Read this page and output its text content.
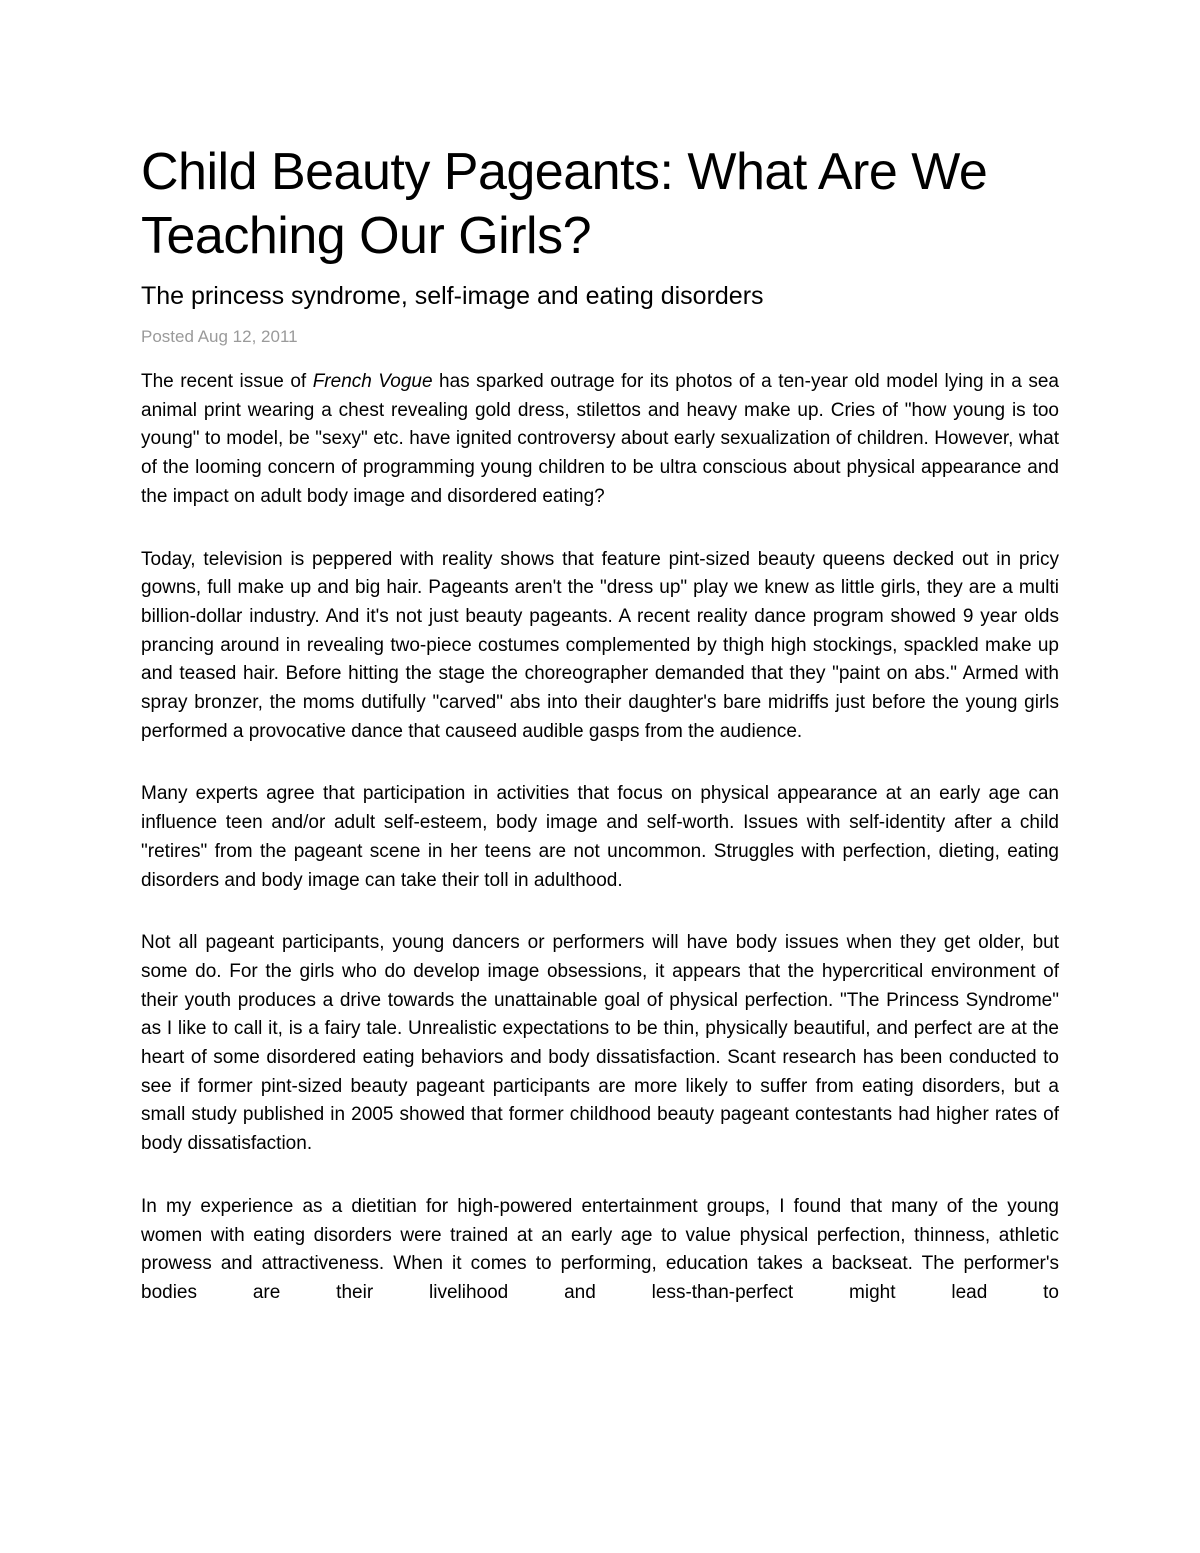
Child Beauty Pageants: What Are We Teaching Our Girls?
The princess syndrome, self-image and eating disorders

Posted Aug 12, 2011

The recent issue of French Vogue has sparked outrage for its photos of a ten-year old model lying in a sea animal print wearing a chest revealing gold dress, stilettos and heavy make up. Cries of "how young is too young" to model, be "sexy" etc. have ignited controversy about early sexualization of children. However, what of the looming concern of programming young children to be ultra conscious about physical appearance and the impact on adult body image and disordered eating?

Today, television is peppered with reality shows that feature pint-sized beauty queens decked out in pricy gowns, full make up and big hair. Pageants aren't the "dress up" play we knew as little girls, they are a multi billion-dollar industry. And it's not just beauty pageants. A recent reality dance program showed 9 year olds prancing around in revealing two-piece costumes complemented by thigh high stockings, spackled make up and teased hair. Before hitting the stage the choreographer demanded that they "paint on abs." Armed with spray bronzer, the moms dutifully "carved" abs into their daughter's bare midriffs just before the young girls performed a provocative dance that causeed audible gasps from the audience.

Many experts agree that participation in activities that focus on physical appearance at an early age can influence teen and/or adult self-esteem, body image and self-worth. Issues with self-identity after a child "retires" from the pageant scene in her teens are not uncommon. Struggles with perfection, dieting, eating disorders and body image can take their toll in adulthood.

Not all pageant participants, young dancers or performers will have body issues when they get older, but some do. For the girls who do develop image obsessions, it appears that the hypercritical environment of their youth produces a drive towards the unattainable goal of physical perfection. "The Princess Syndrome" as I like to call it, is a fairy tale. Unrealistic expectations to be thin, physically beautiful, and perfect are at the heart of some disordered eating behaviors and body dissatisfaction. Scant research has been conducted to see if former pint-sized beauty pageant participants are more likely to suffer from eating disorders, but a small study published in 2005 showed that former childhood beauty pageant contestants had higher rates of body dissatisfaction.

In my experience as a dietitian for high-powered entertainment groups, I found that many of the young women with eating disorders were trained at an early age to value physical perfection, thinness, athletic prowess and attractiveness. When it comes to performing, education takes a backseat. The performer's bodies are their livelihood and less-than-perfect might lead to
